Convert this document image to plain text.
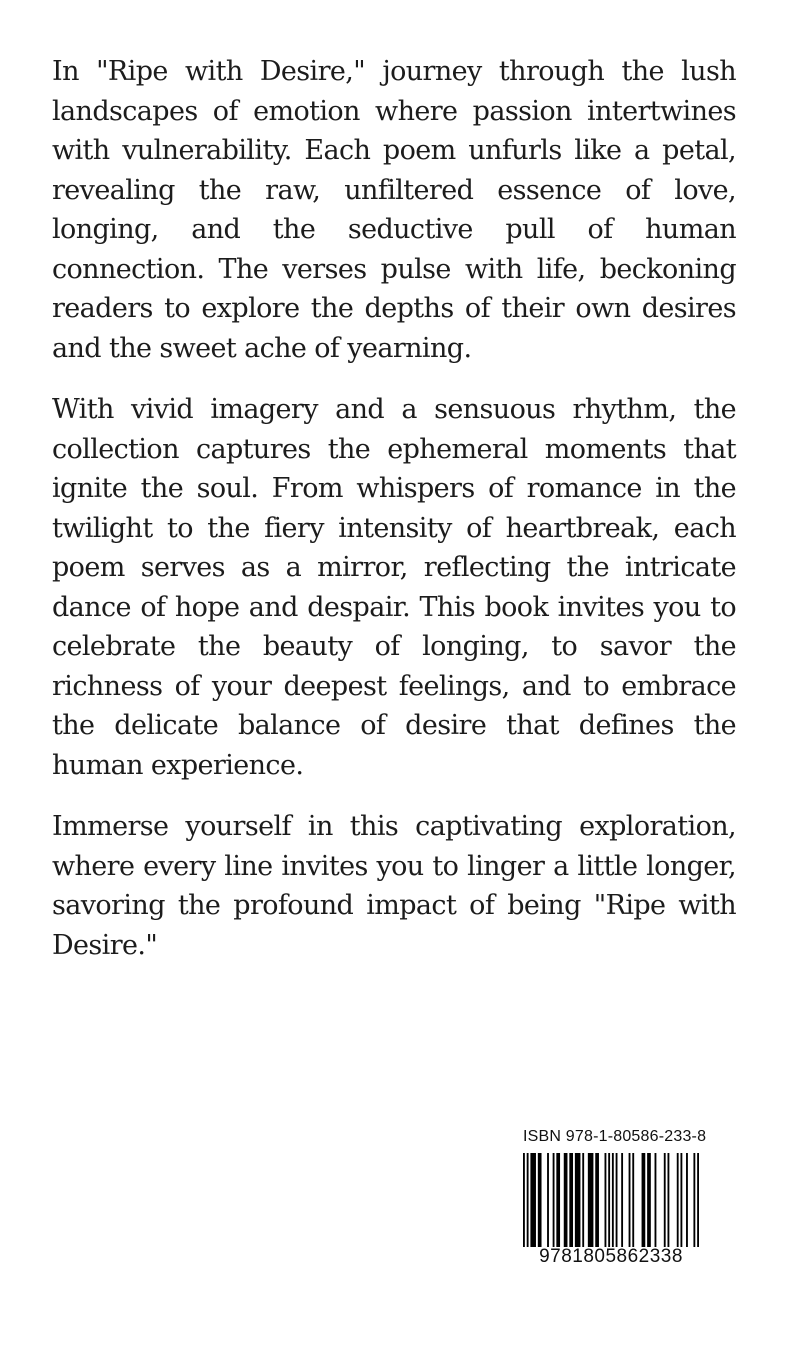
In "Ripe with Desire," journey through the lush landscapes of emotion where passion intertwines with vulnerability. Each poem unfurls like a petal, revealing the raw, unfiltered essence of love, longing, and the seductive pull of human connection. The verses pulse with life, beckoning readers to explore the depths of their own desires and the sweet ache of yearning.

With vivid imagery and a sensuous rhythm, the collection captures the ephemeral moments that ignite the soul. From whispers of romance in the twilight to the fiery intensity of heartbreak, each poem serves as a mirror, reflecting the intricate dance of hope and despair. This book invites you to celebrate the beauty of longing, to savor the richness of your deepest feelings, and to embrace the delicate balance of desire that defines the human experience.

Immerse yourself in this captivating exploration, where every line invites you to linger a little longer, savoring the profound impact of being "Ripe with Desire."

ISBN 978-1-80586-233-8
9781805862338
